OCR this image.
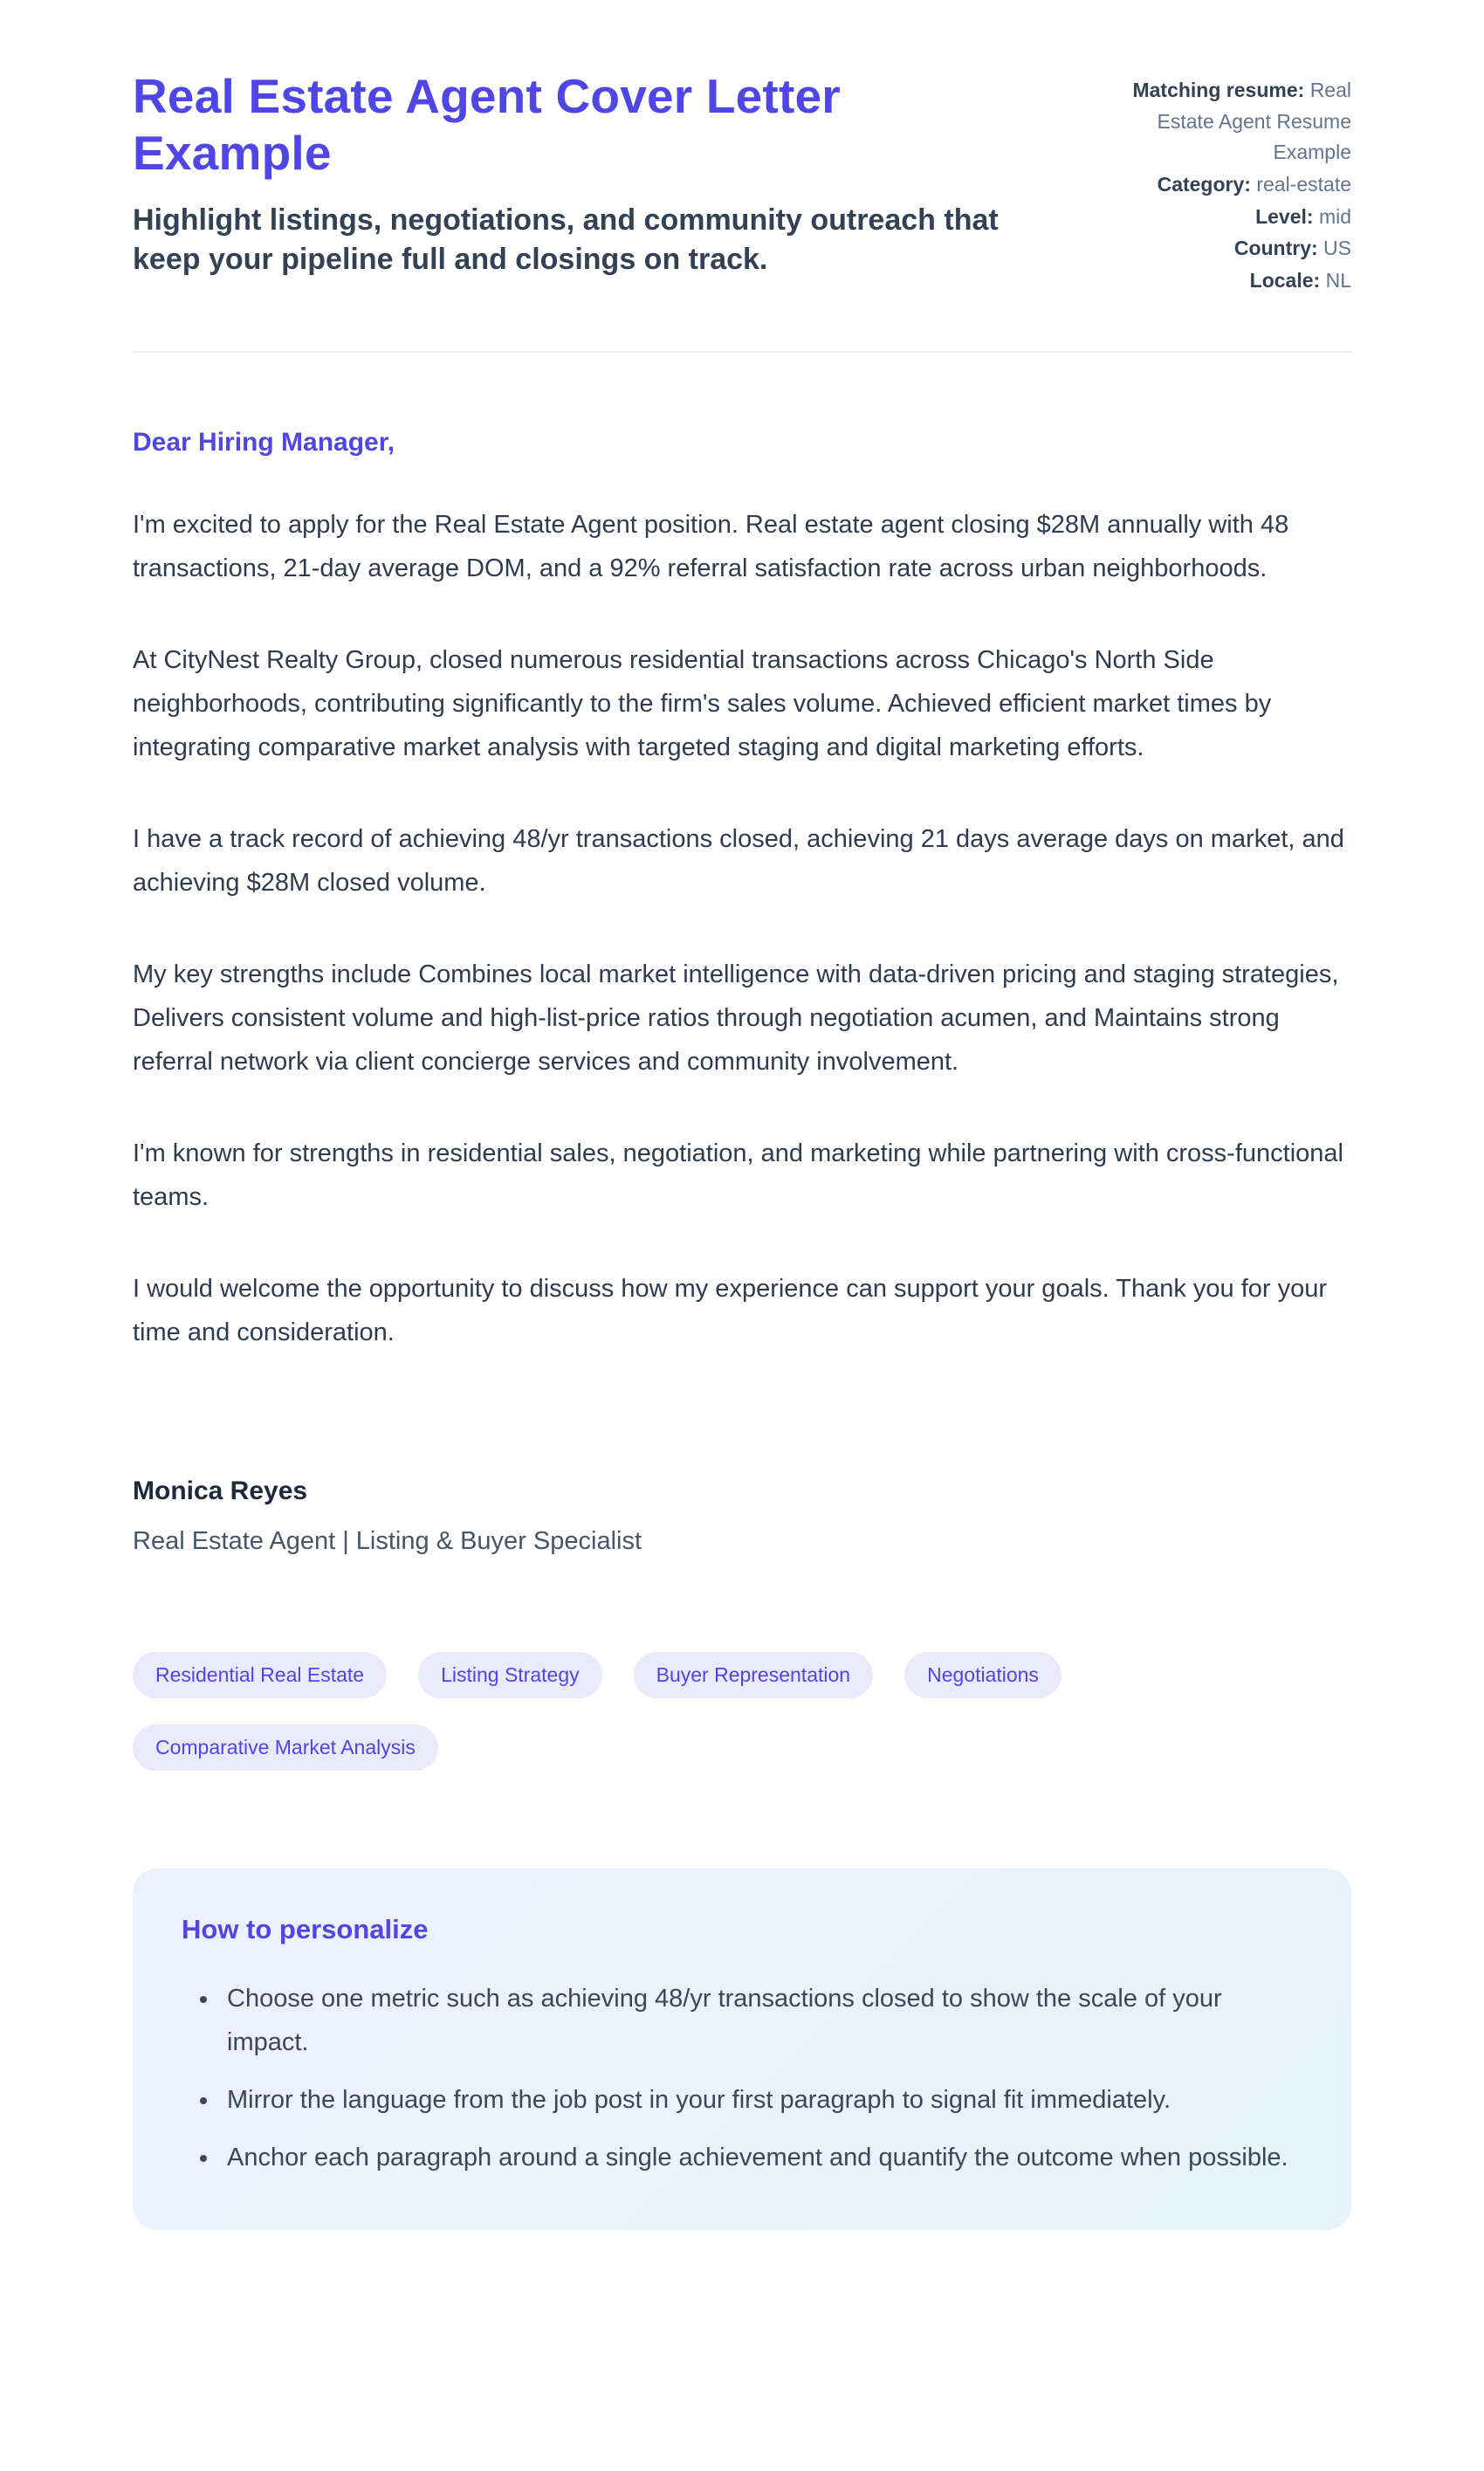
Real Estate Agent Cover Letter Example

Highlight listings, negotiations, and community outreach that keep your pipeline full and closings on track.

Matching resume: Real Estate Agent Resume Example
Category: real-estate
Level: mid
Country: US
Locale: NL

Dear Hiring Manager,

I'm excited to apply for the Real Estate Agent position. Real estate agent closing $28M annually with 48 transactions, 21-day average DOM, and a 92% referral satisfaction rate across urban neighborhoods.

At CityNest Realty Group, closed numerous residential transactions across Chicago's North Side neighborhoods, contributing significantly to the firm's sales volume. Achieved efficient market times by integrating comparative market analysis with targeted staging and digital marketing efforts.

I have a track record of achieving 48/yr transactions closed, achieving 21 days average days on market, and achieving $28M closed volume.

My key strengths include Combines local market intelligence with data-driven pricing and staging strategies, Delivers consistent volume and high-list-price ratios through negotiation acumen, and Maintains strong referral network via client concierge services and community involvement.

I'm known for strengths in residential sales, negotiation, and marketing while partnering with cross-functional teams.

I would welcome the opportunity to discuss how my experience can support your goals. Thank you for your time and consideration.

Monica Reyes

Real Estate Agent | Listing & Buyer Specialist

Residential Real Estate	Listing Strategy	Buyer Representation	Negotiations
Comparative Market Analysis
How to personalize
• Choose one metric such as achieving 48/yr transactions closed to show the scale of your impact.
• Mirror the language from the job post in your first paragraph to signal fit immediately.
• Anchor each paragraph around a single achievement and quantify the outcome when possible.
